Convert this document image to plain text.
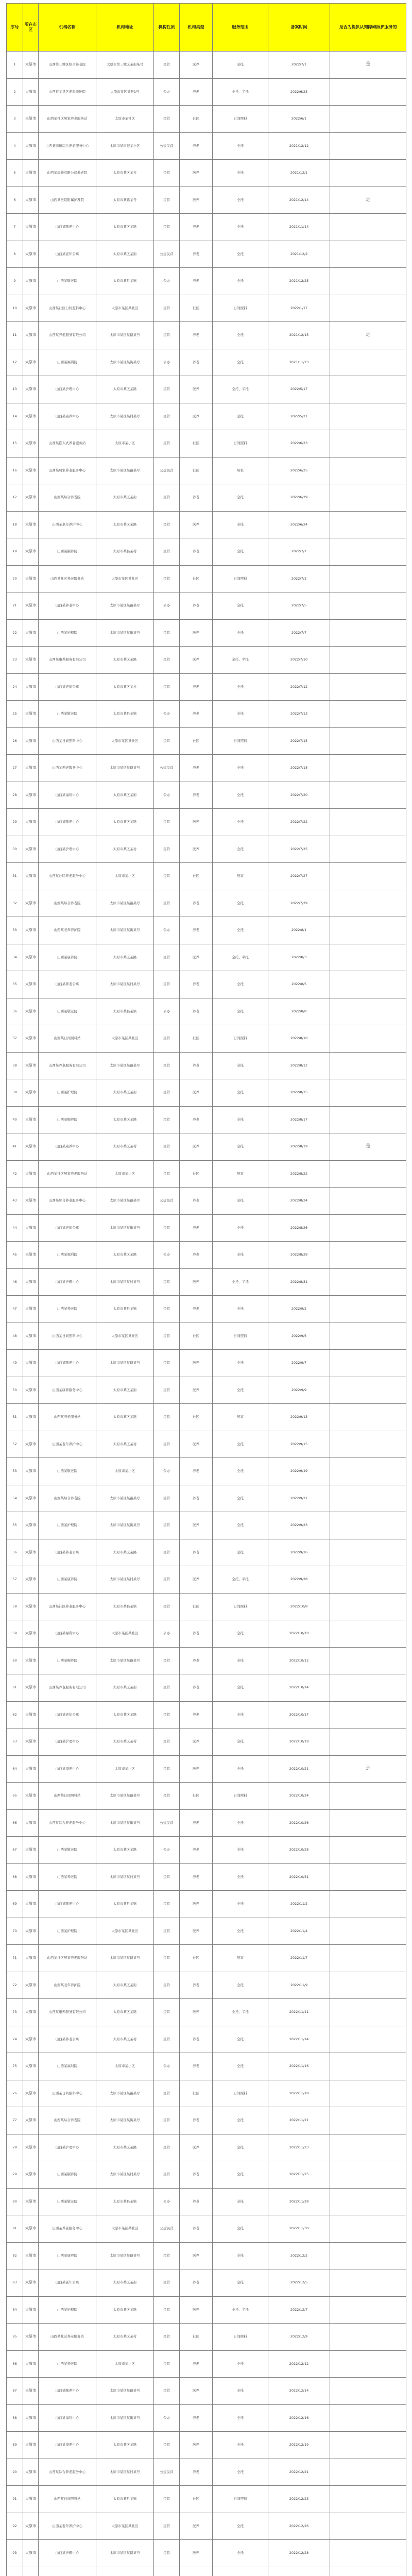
序号	所在市区	机构名称	机构地址	机构性质	机构类型	服务范围	备案时间	是否为提供认知障碍照护服务的
1	太原市	山西第三城区综合养老院	太原市第三城区某街某号	民营	医养	全托	2022/7/1	是
2	太原市	山西省某县区老年养护院	太原市某区某路1号	公办	养老	全托、半托	2022/6/23	
3	太原市	山西某社区居家养老服务站	太原市某社区	民营	社区	日间照料	2022/6/1	
4	太原市	山西某街道综合养老服务中心	太原市某街道某小区	公建民营	养老	全托	2021/12/12	
5	太原市	山西某康养有限公司养老院	太原市某区某村	民营	医养	全托	2021/12/1	
6	太原市	山西某医院附属护理院	太原市某路某号	民营	医养	全托	2021/12/14	是
7	太原市	山西某颐养中心	太原市某区某路	民营	养老	全托	2021/11/14	
8	太原市	山西某老年公寓	太原市某区某街	公建民营	养老	全托	2021/12/2	
9	太原市	山西某敬老院	太原市某县某镇	公办	养老	全托	2021/12/25	
10	太原市	山西某社区日间照料中心	太原市某区某社区	民营	社区	日间照料	2022/1/17	
11	太原市	山西某养老服务有限公司	太原市某区某路某号	民营	养老	全托	2021/12/15	是
12	太原市	山西某福利院	太原市某区某街某号	公办	养老	全托	2021/11/23	
13	太原市	山西某护理中心	太原市某区某路	民营	医养	全托、半托	2022/5/17	
14	太原市	山西某康养中心	太原市某区某村某号	民营	医养	全托	2022/5/21	
15	太原市	山西某嵌入式养老服务站	太原市某小区	民营	社区	日间照料	2022/6/23	
16	太原市	山西某居家养老服务中心	太原市某区某路某号	公建民营	社区	居家	2022/6/25	
17	太原市	山西某综合养老院	太原市某区某街	民营	养老	全托	2022/6/29	
18	太原市	山西某老年养护中心	太原市某区某路	民营	医养	全托	2022/6/24	
19	太原市	山西某颐养院	太原市某县某村	民营	养老	全托	2022/7/1	
20	太原市	山西某社区养老服务站	太原市某区某社区	民营	社区	日间照料	2022/7/3	
21	太原市	山西某养老中心	太原市某区某路某号	公办	养老	全托	2022/7/5	
22	太原市	山西某护理院	太原市某区某街某号	民营	医养	全托	2022/7/7	
23	太原市	山西某康养服务有限公司	太原市某区某路	民营	医养	全托、半托	2022/7/10	
24	太原市	山西某老年公寓	太原市某区某村	民营	养老	全托	2022/7/12	
25	太原市	山西某敬老院	太原市某县某镇	公办	养老	全托	2022/7/13	
26	太原市	山西某日间照料中心	太原市某区某社区	民营	社区	日间照料	2022/7/15	
27	太原市	山西某养老服务中心	太原市某区某路某号	公建民营	养老	全托	2022/7/18	
28	太原市	山西某福利中心	太原市某区某街	公办	养老	全托	2022/7/20	
29	太原市	山西某颐养中心	太原市某区某路	民营	医养	全托	2022/7/22	
30	太原市	山西某护理中心	太原市某区某村	民营	医养	全托	2022/7/25	
31	太原市	山西某社区养老服务中心	太原市某小区	民营	社区	居家	2022/7/27	
32	太原市	山西某综合养老院	太原市某区某路某号	民营	养老	全托	2022/7/29	
33	太原市	山西某老年养护院	太原市某区某街某号	公办	养老	全托	2022/8/1	
34	太原市	山西某康养院	太原市某区某路	民营	医养	全托、半托	2022/8/3	
35	太原市	山西某养老公寓	太原市某区某村某号	民营	养老	全托	2022/8/5	
36	太原市	山西某敬老院	太原市某县某镇	公办	养老	全托	2022/8/8	
37	太原市	山西某日间照料站	太原市某区某社区	民营	社区	日间照料	2022/8/10	
38	太原市	山西某养老服务有限公司	太原市某区某路某号	民营	养老	全托	2022/8/12	
39	太原市	山西某护理院	太原市某区某街	民营	医养	全托	2022/8/15	
40	太原市	山西某颐养院	太原市某区某路	民营	养老	全托	2022/8/17	
41	太原市	山西某康养中心	太原市某区某村	民营	医养	全托	2022/8/19	是
42	太原市	山西某社区居家养老服务站	太原市某小区	民营	社区	居家	2022/8/22	
43	太原市	山西某综合养老服务中心	太原市某区某路某号	公建民营	养老	全托	2022/8/24	
44	太原市	山西某老年公寓	太原市某区某街某号	民营	养老	全托	2022/8/26	
45	太原市	山西某福利院	太原市某区某路	公办	养老	全托	2022/8/29	
46	太原市	山西某护理中心	太原市某区某村某号	民营	医养	全托、半托	2022/8/31	
47	太原市	山西某养老院	太原市某县某镇	民营	养老	全托	2022/9/2	
48	太原市	山西某日间照料中心	太原市某区某社区	民营	社区	日间照料	2022/9/5	
49	太原市	山西某颐养中心	太原市某区某路某号	民营	医养	全托	2022/9/7	
50	太原市	山西某康养服务中心	太原市某区某街	民营	医养	全托	2022/9/9	
51	太原市	山西某养老服务站	太原市某区某路	民营	社区	居家	2022/9/13	
52	太原市	山西某老年养护中心	太原市某区某村	民营	医养	全托	2022/9/15	
53	太原市	山西某敬老院	太原市某小区	公办	养老	全托	2022/9/19	
54	太原市	山西某综合养老院	太原市某区某路某号	民营	养老	全托	2022/9/21	
55	太原市	山西某护理院	太原市某区某街某号	民营	医养	全托	2022/9/23	
56	太原市	山西某养老公寓	太原市某区某路	民营	养老	全托	2022/9/26	
57	太原市	山西某康养院	太原市某区某村某号	民营	医养	全托、半托	2022/9/28	
58	太原市	山西某社区养老服务中心	太原市某县某镇	民营	社区	日间照料	2022/10/8	
59	太原市	山西某福利中心	太原市某区某社区	公办	养老	全托	2022/10/10	
60	太原市	山西某颐养院	太原市某区某路某号	民营	养老	全托	2022/10/12	
61	太原市	山西某养老服务有限公司	太原市某区某街	民营	养老	全托	2022/10/14	
62	太原市	山西某老年公寓	太原市某区某路	民营	养老	全托	2022/10/17	
63	太原市	山西某护理中心	太原市某区某村	民营	医养	全托	2022/10/19	
64	太原市	山西某康养中心	太原市某小区	民营	医养	全托	2022/10/21	是
65	太原市	山西某日间照料站	太原市某区某路某号	民营	社区	日间照料	2022/10/24	
66	太原市	山西某综合养老服务中心	太原市某区某街某号	公建民营	养老	全托	2022/10/26	
67	太原市	山西某敬老院	太原市某区某路	公办	养老	全托	2022/10/28	
68	太原市	山西某养老院	太原市某区某村某号	民营	养老	全托	2022/10/31	
69	太原市	山西某颐养中心	太原市某县某镇	民营	医养	全托	2022/11/2	
70	太原市	山西某护理院	太原市某区某社区	民营	医养	全托	2022/11/4	
71	太原市	山西某社区居家养老服务站	太原市某区某路某号	民营	社区	居家	2022/11/7	
72	太原市	山西某老年养护院	太原市某区某街	民营	养老	全托	2022/11/9	
73	太原市	山西某康养服务有限公司	太原市某区某路	民营	医养	全托、半托	2022/11/11	
74	太原市	山西某养老公寓	太原市某区某村	民营	养老	全托	2022/11/14	
75	太原市	山西某福利院	太原市某小区	公办	养老	全托	2022/11/16	
76	太原市	山西某日间照料中心	太原市某区某路某号	民营	社区	日间照料	2022/11/18	
77	太原市	山西某综合养老院	太原市某区某街某号	民营	养老	全托	2022/11/21	
78	太原市	山西某护理中心	太原市某区某路	民营	医养	全托	2022/11/23	
79	太原市	山西某颐养院	太原市某区某村某号	民营	养老	全托	2022/11/25	
80	太原市	山西某敬老院	太原市某县某镇	公办	养老	全托	2022/11/28	
81	太原市	山西某养老服务中心	太原市某区某社区	公建民营	养老	全托	2022/11/30	
82	太原市	山西某康养院	太原市某区某路某号	民营	医养	全托	2022/12/2	
83	太原市	山西某老年公寓	太原市某区某街	民营	养老	全托	2022/12/5	
84	太原市	山西某护理院	太原市某区某路	民营	医养	全托、半托	2022/12/7	
85	太原市	山西某社区养老服务站	太原市某区某村	民营	社区	日间照料	2022/12/9	
86	太原市	山西某养老院	太原市某小区	民营	养老	全托	2022/12/12	
87	太原市	山西某颐养中心	太原市某区某路某号	民营	医养	全托	2022/12/14	
88	太原市	山西某福利中心	太原市某区某街某号	公办	养老	全托	2022/12/16	
89	太原市	山西某康养中心	太原市某区某路	民营	医养	全托	2022/12/19	
90	太原市	山西某综合养老服务中心	太原市某区某村某号	公建民营	养老	全托	2022/12/21	
91	太原市	山西某日间照料站	太原市某县某镇	民营	社区	日间照料	2022/12/23	
92	太原市	山西某老年养护中心	太原市某区某社区	民营	医养	全托	2022/12/26	
93	太原市	山西某护理中心	太原市某区某路某号	民营	医养	全托	2022/12/28	
